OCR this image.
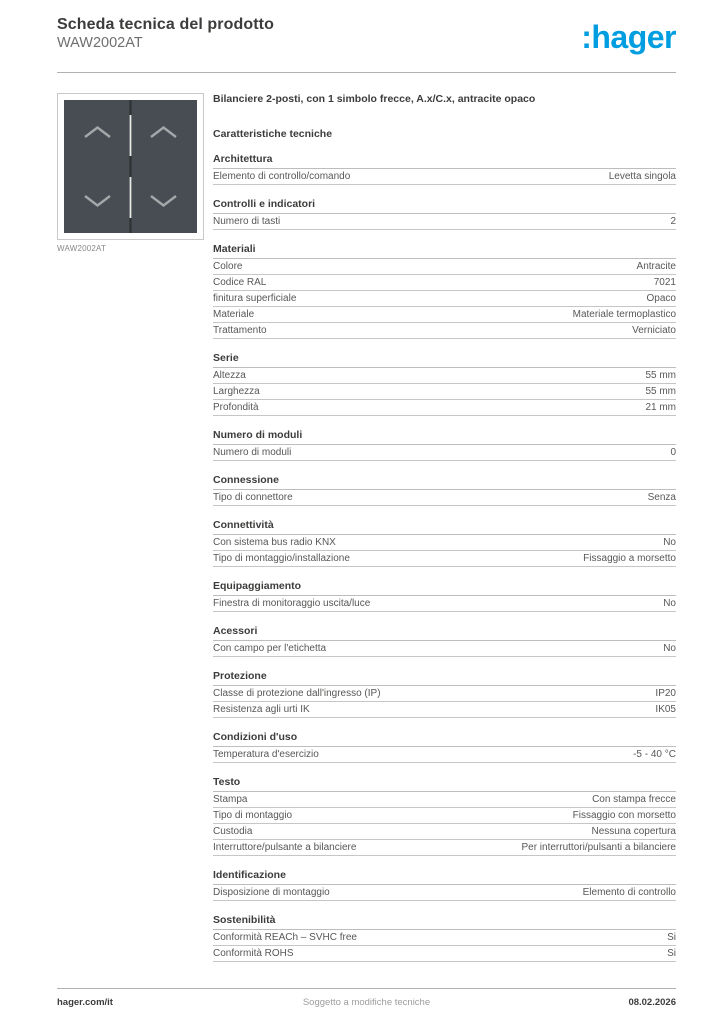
Scheda tecnica del prodotto
WAW2002AT	:hager
WAW2002AT
Bilanciere 2-posti, con 1 simbolo frecce, A.x/C.x, antracite opaco
Caratteristiche tecniche
Architettura
Elemento di controllo/comando	Levetta singola
Controlli e indicatori
Numero di tasti	2
Materiali
Colore	Antracite
Codice RAL	7021
finitura superficiale	Opaco
Materiale	Materiale termoplastico
Trattamento	Verniciato
Serie
Altezza	55 mm
Larghezza	55 mm
Profondità	21 mm
Numero di moduli
Numero di moduli	0
Connessione
Tipo di connettore	Senza
Connettività
Con sistema bus radio KNX	No
Tipo di montaggio/installazione	Fissaggio a morsetto
Equipaggiamento
Finestra di monitoraggio uscita/luce	No
Acessori
Con campo per l'etichetta	No
Protezione
Classe di protezione dall'ingresso (IP)	IP20
Resistenza agli urti IK	IK05
Condizioni d'uso
Temperatura d'esercizio	-5 - 40 °C
Testo
Stampa	Con stampa frecce
Tipo di montaggio	Fissaggio con morsetto
Custodia	Nessuna copertura
Interruttore/pulsante a bilanciere	Per interruttori/pulsanti a bilanciere
Identificazione
Disposizione di montaggio	Elemento di controllo
Sostenibilità
Conformità REACh – SVHC free	Si
Conformità ROHS	Si
hager.com/it	Soggetto a modifiche tecniche	08.02.2026
